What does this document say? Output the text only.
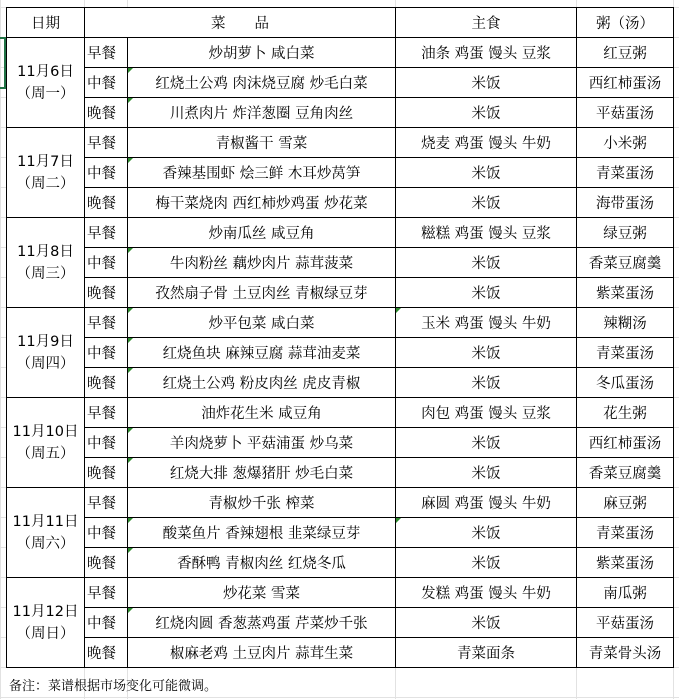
日期	菜　　品		主食	粥（汤）

11月6日
（周一）	早餐	炒胡萝卜 咸白菜	油条 鸡蛋 馒头 豆浆	红豆粥
	中餐	红烧土公鸡 肉沫烧豆腐 炒毛白菜	米饭	西红柿蛋汤
	晚餐	川煮肉片 炸洋葱圈 豆角肉丝	米饭	平菇蛋汤

11月7日
（周二）	早餐	青椒酱干 雪菜	烧麦 鸡蛋 馒头 牛奶	小米粥
	中餐	香辣基围虾 烩三鲜 木耳炒莴笋	米饭	青菜蛋汤
	晚餐	梅干菜烧肉 西红柿炒鸡蛋 炒花菜	米饭	海带蛋汤

11月8日
（周三）	早餐	炒南瓜丝 咸豆角	糍糕 鸡蛋 馒头 豆浆	绿豆粥
	中餐	牛肉粉丝 藕炒肉片 蒜茸菠菜	米饭	香菜豆腐羹
	晚餐	孜然扇子骨 土豆肉丝 青椒绿豆芽	米饭	紫菜蛋汤

11月9日
（周四）	早餐	炒平包菜 咸白菜	玉米 鸡蛋 馒头 牛奶	辣糊汤
	中餐	红烧鱼块 麻辣豆腐 蒜茸油麦菜	米饭	青菜蛋汤
	晚餐	红烧土公鸡 粉皮肉丝 虎皮青椒	米饭	冬瓜蛋汤

11月10日
（周五）	早餐	油炸花生米 咸豆角	肉包 鸡蛋 馒头 豆浆	花生粥
	中餐	羊肉烧萝卜 平菇浦蛋 炒乌菜	米饭	西红柿蛋汤
	晚餐	红烧大排 葱爆猪肝 炒毛白菜	米饭	香菜豆腐羹

11月11日
（周六）	早餐	青椒炒千张 榨菜	麻圆 鸡蛋 馒头 牛奶	麻豆粥
	中餐	酸菜鱼片 香辣翅根 韭菜绿豆芽	米饭	青菜蛋汤
	晚餐	香酥鸭 青椒肉丝 红烧冬瓜	米饭	紫菜蛋汤

11月12日
（周日）	早餐	炒花菜 雪菜	发糕 鸡蛋 馒头 牛奶	南瓜粥
	中餐	红烧肉圆 香葱蒸鸡蛋 芹菜炒千张	米饭	平菇蛋汤
	晚餐	椒麻老鸡 土豆肉片 蒜茸生菜	青菜面条	青菜骨头汤
备注：菜谱根据市场变化可能微调。
